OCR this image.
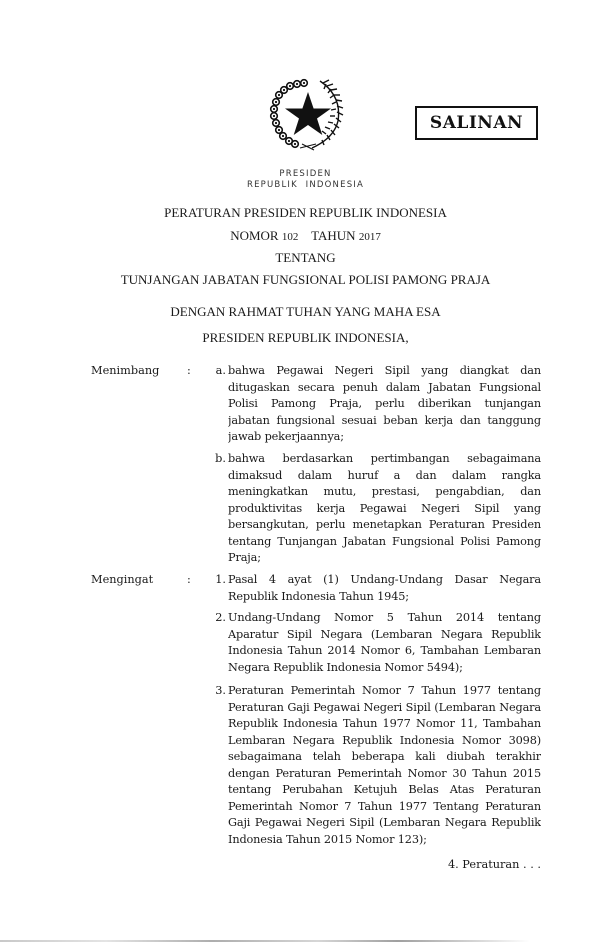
SALINAN
PRESIDEN
REPUBLIK  INDONESIA
PERATURAN PRESIDEN REPUBLIK INDONESIA
NOMOR 102 TAHUN 2017
TENTANG
TUNJANGAN JABATAN FUNGSIONAL POLISI PAMONG PRAJA
DENGAN RAHMAT TUHAN YANG MAHA ESA
PRESIDEN REPUBLIK INDONESIA,
Menimbang :	a. bahwa Pegawai Negeri Sipil yang diangkat dan
ditugaskan secara penuh dalam Jabatan Fungsional
Polisi Pamong Praja, perlu diberikan tunjangan
jabatan fungsional sesuai beban kerja dan tanggung
jawab pekerjaannya;
b. bahwa berdasarkan pertimbangan sebagaimana
dimaksud dalam huruf a dan dalam rangka
meningkatkan mutu, prestasi, pengabdian, dan
produktivitas kerja Pegawai Negeri Sipil yang
bersangkutan, perlu menetapkan Peraturan Presiden
tentang Tunjangan Jabatan Fungsional Polisi Pamong
Praja;
Mengingat	:	1. Pasal 4 ayat (1) Undang-Undang Dasar Negara
Republik Indonesia Tahun 1945;
2. Undang-Undang Nomor 5 Tahun 2014 tentang
Aparatur Sipil Negara (Lembaran Negara Republik
Indonesia Tahun 2014 Nomor 6, Tambahan Lembaran
Negara Republik Indonesia Nomor 5494);
3. Peraturan Pemerintah Nomor 7 Tahun 1977 tentang
Peraturan Gaji Pegawai Negeri Sipil (Lembaran Negara
Republik Indonesia Tahun 1977 Nomor 11, Tambahan
Lembaran Negara Republik Indonesia Nomor 3098)
sebagaimana telah beberapa kali diubah terakhir
dengan Peraturan Pemerintah Nomor 30 Tahun 2015
tentang Perubahan Ketujuh Belas Atas Peraturan
Pemerintah Nomor 7 Tahun 1977 Tentang Peraturan
Gaji Pegawai Negeri Sipil (Lembaran Negara Republik
Indonesia Tahun 2015 Nomor 123);
4. Peraturan . . .
